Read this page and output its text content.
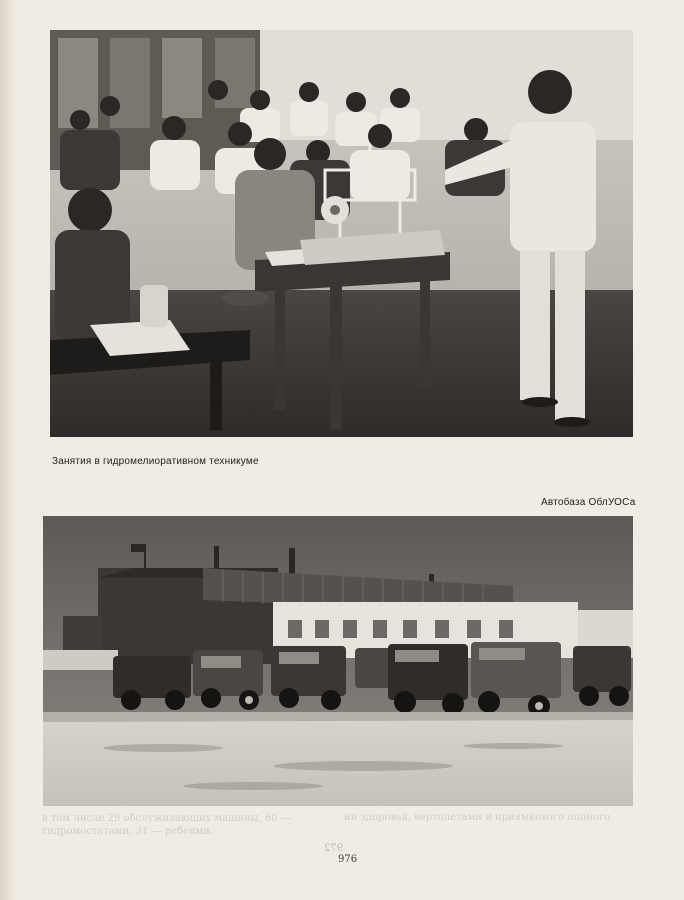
Занятия в гидромелиоративном техникуме
Автобаза ОблУОСа
в том числе 29 обслуживающих машины, 60 — гидромостатами, 31 — ребеями.
ии здоровья, вертолетами и приямкового полного
972
976
